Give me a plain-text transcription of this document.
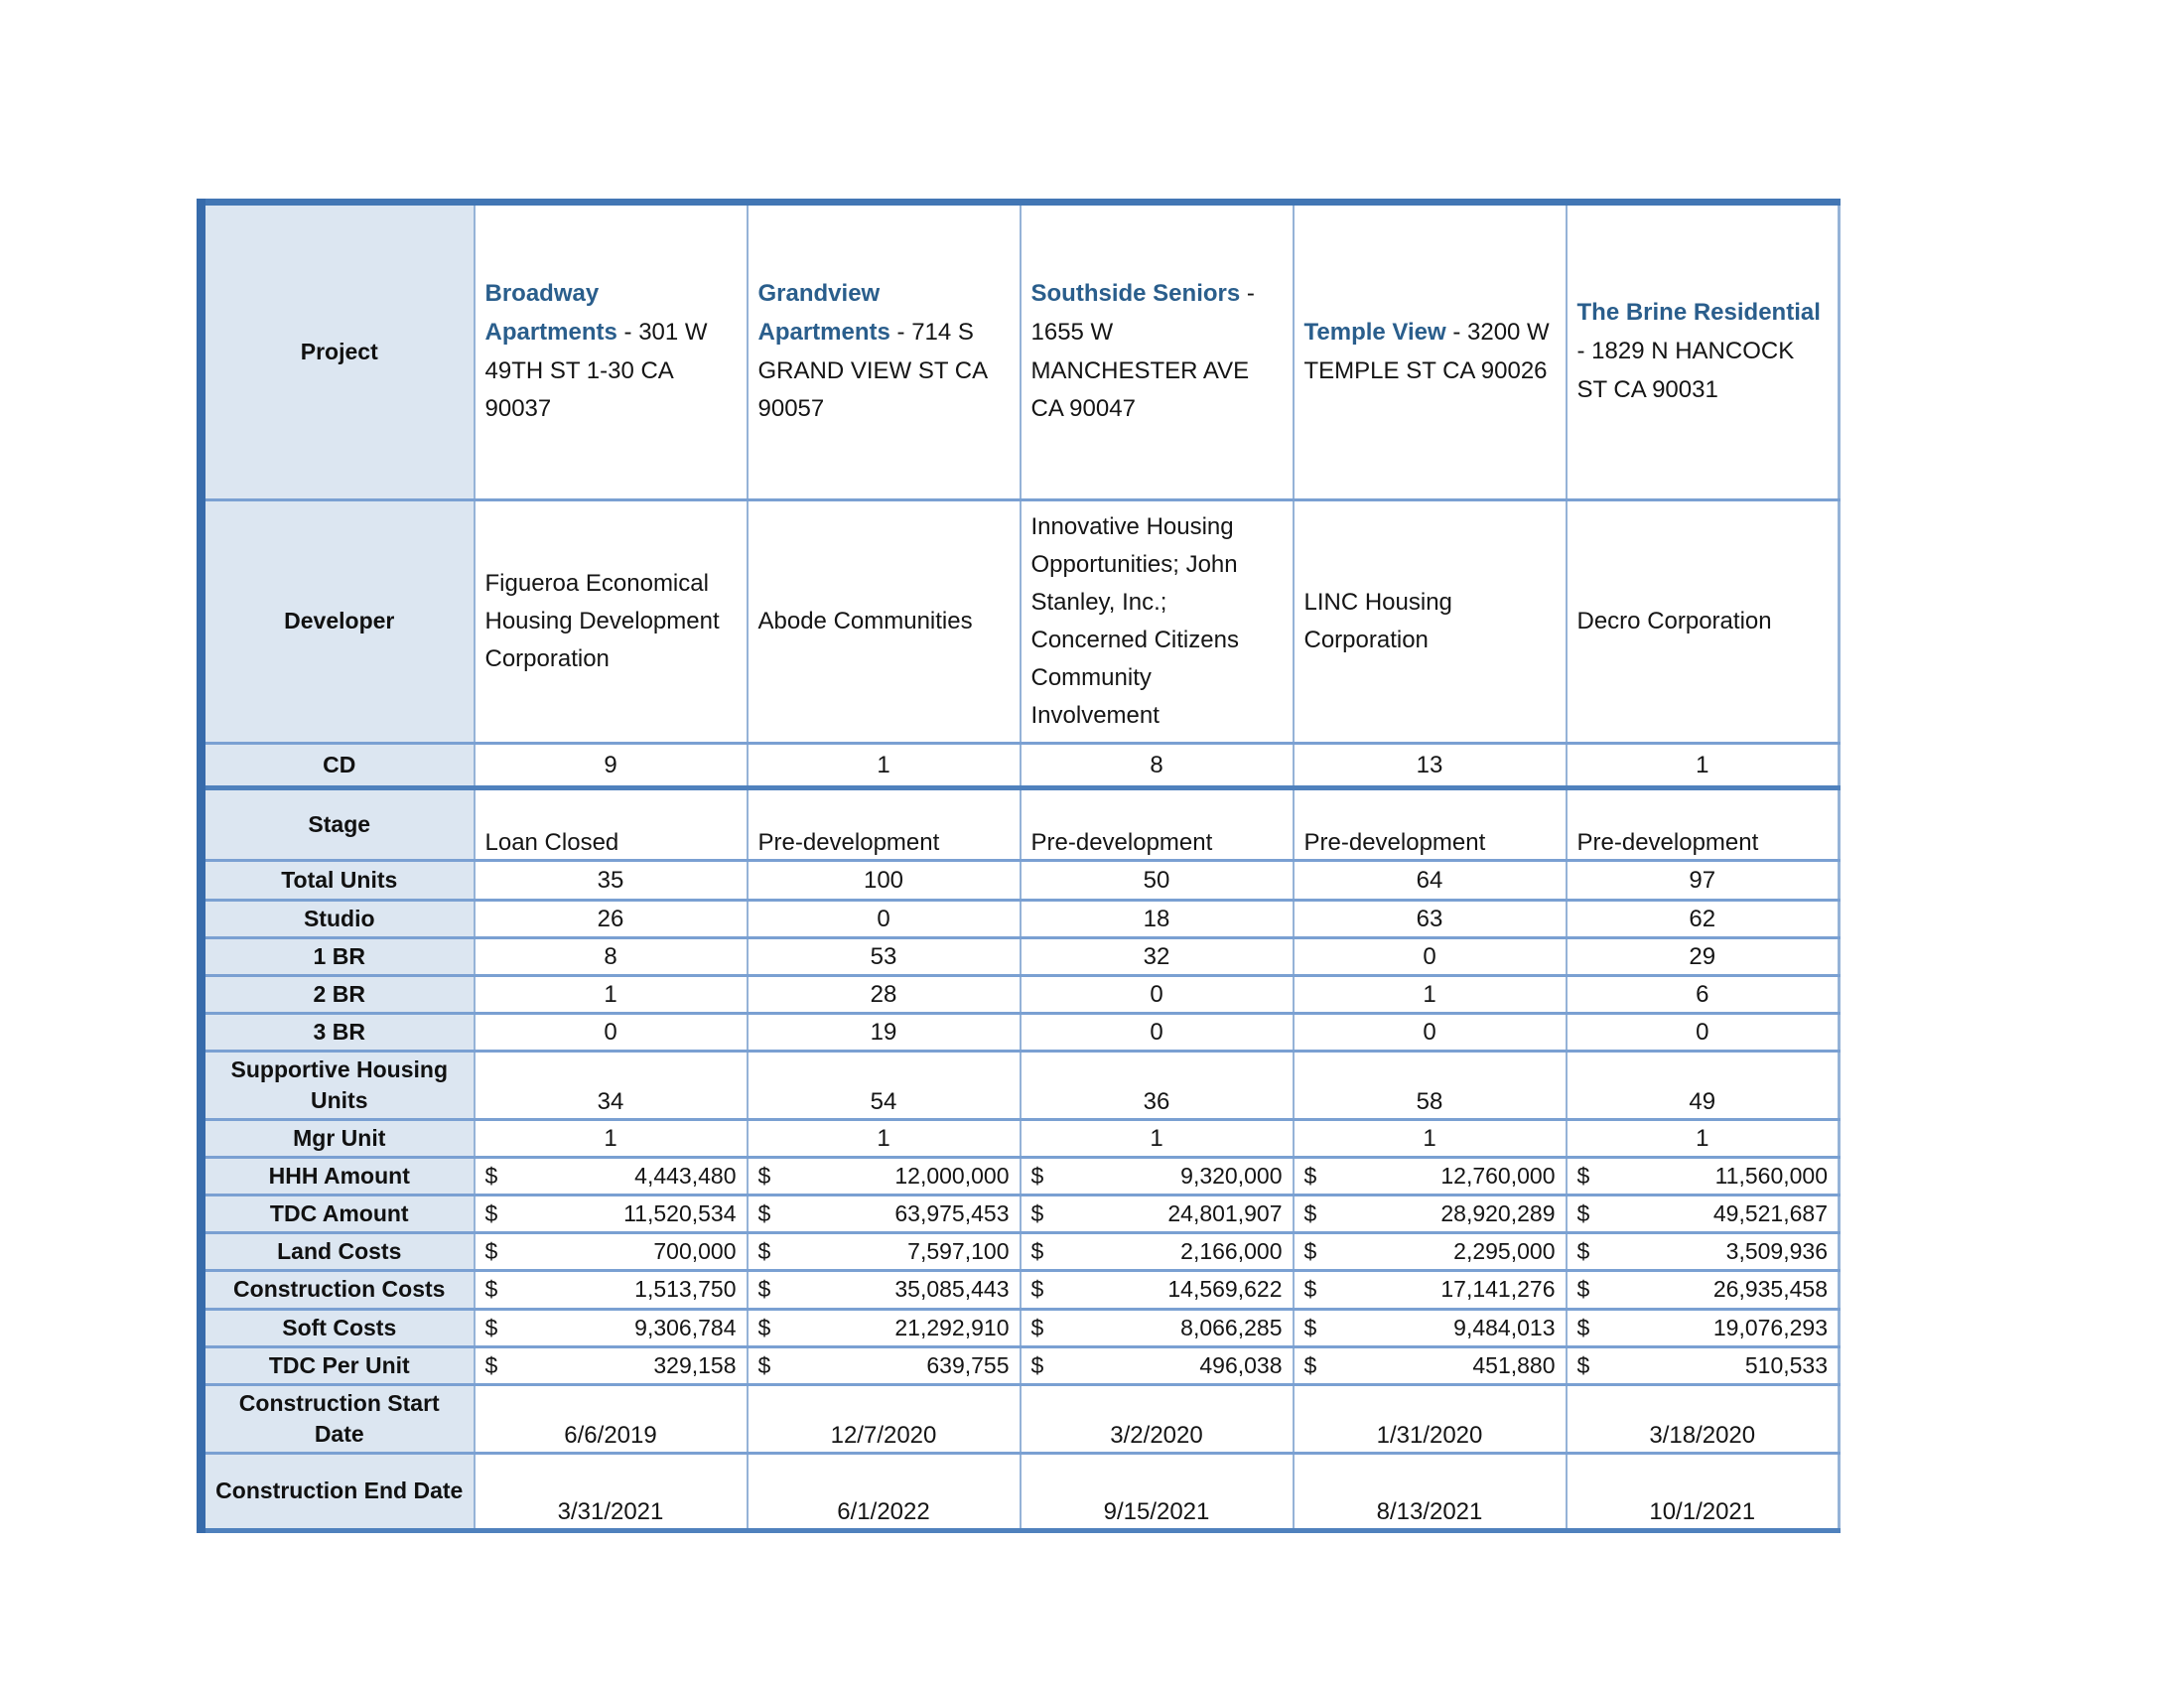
Project	Broadway Apartments - 301 W 49TH ST 1-30 CA 90037	Grandview Apartments - 714 S GRAND VIEW ST CA 90057	Southside Seniors - 1655 W MANCHESTER AVE CA 90047	Temple View - 3200 W TEMPLE ST CA 90026	The Brine Residential - 1829 N HANCOCK ST CA 90031
Developer	Figueroa Economical Housing Development Corporation	Abode Communities	Innovative Housing Opportunities; John Stanley, Inc.; Concerned Citizens Community Involvement	LINC Housing Corporation	Decro Corporation
CD	9	1	8	13	1
Stage	Loan Closed	Pre-development	Pre-development	Pre-development	Pre-development
Total Units	35	100	50	64	97
Studio	26	0	18	63	62
1 BR	8	53	32	0	29
2 BR	1	28	0	1	6
3 BR	0	19	0	0	0
Supportive Housing Units	34	54	36	58	49
Mgr Unit	1	1	1	1	1
HHH Amount	$ 4,443,480	$ 12,000,000	$ 9,320,000	$ 12,760,000	$ 11,560,000

TDC Amount	$ 11,520,534	$ 63,975,453	$ 24,801,907	$ 28,920,289	$ 49,521,687

Land Costs	$ 700,000	$ 7,597,100	$ 2,166,000	$ 2,295,000	$ 3,509,936

Construction Costs	$ 1,513,750	$ 35,085,443	$ 14,569,622	$ 17,141,276	$ 26,935,458

Soft Costs	$ 9,306,784	$ 21,292,910	$ 8,066,285	$ 9,484,013	$ 19,076,293

TDC Per Unit	$ 329,158	$ 639,755	$ 496,038	$ 451,880	$ 510,533

Construction Start Date	6/6/2019	12/7/2020	3/2/2020	1/31/2020	3/18/2020
Construction End Date	3/31/2021	6/1/2022	9/15/2021	8/13/2021	10/1/2021
